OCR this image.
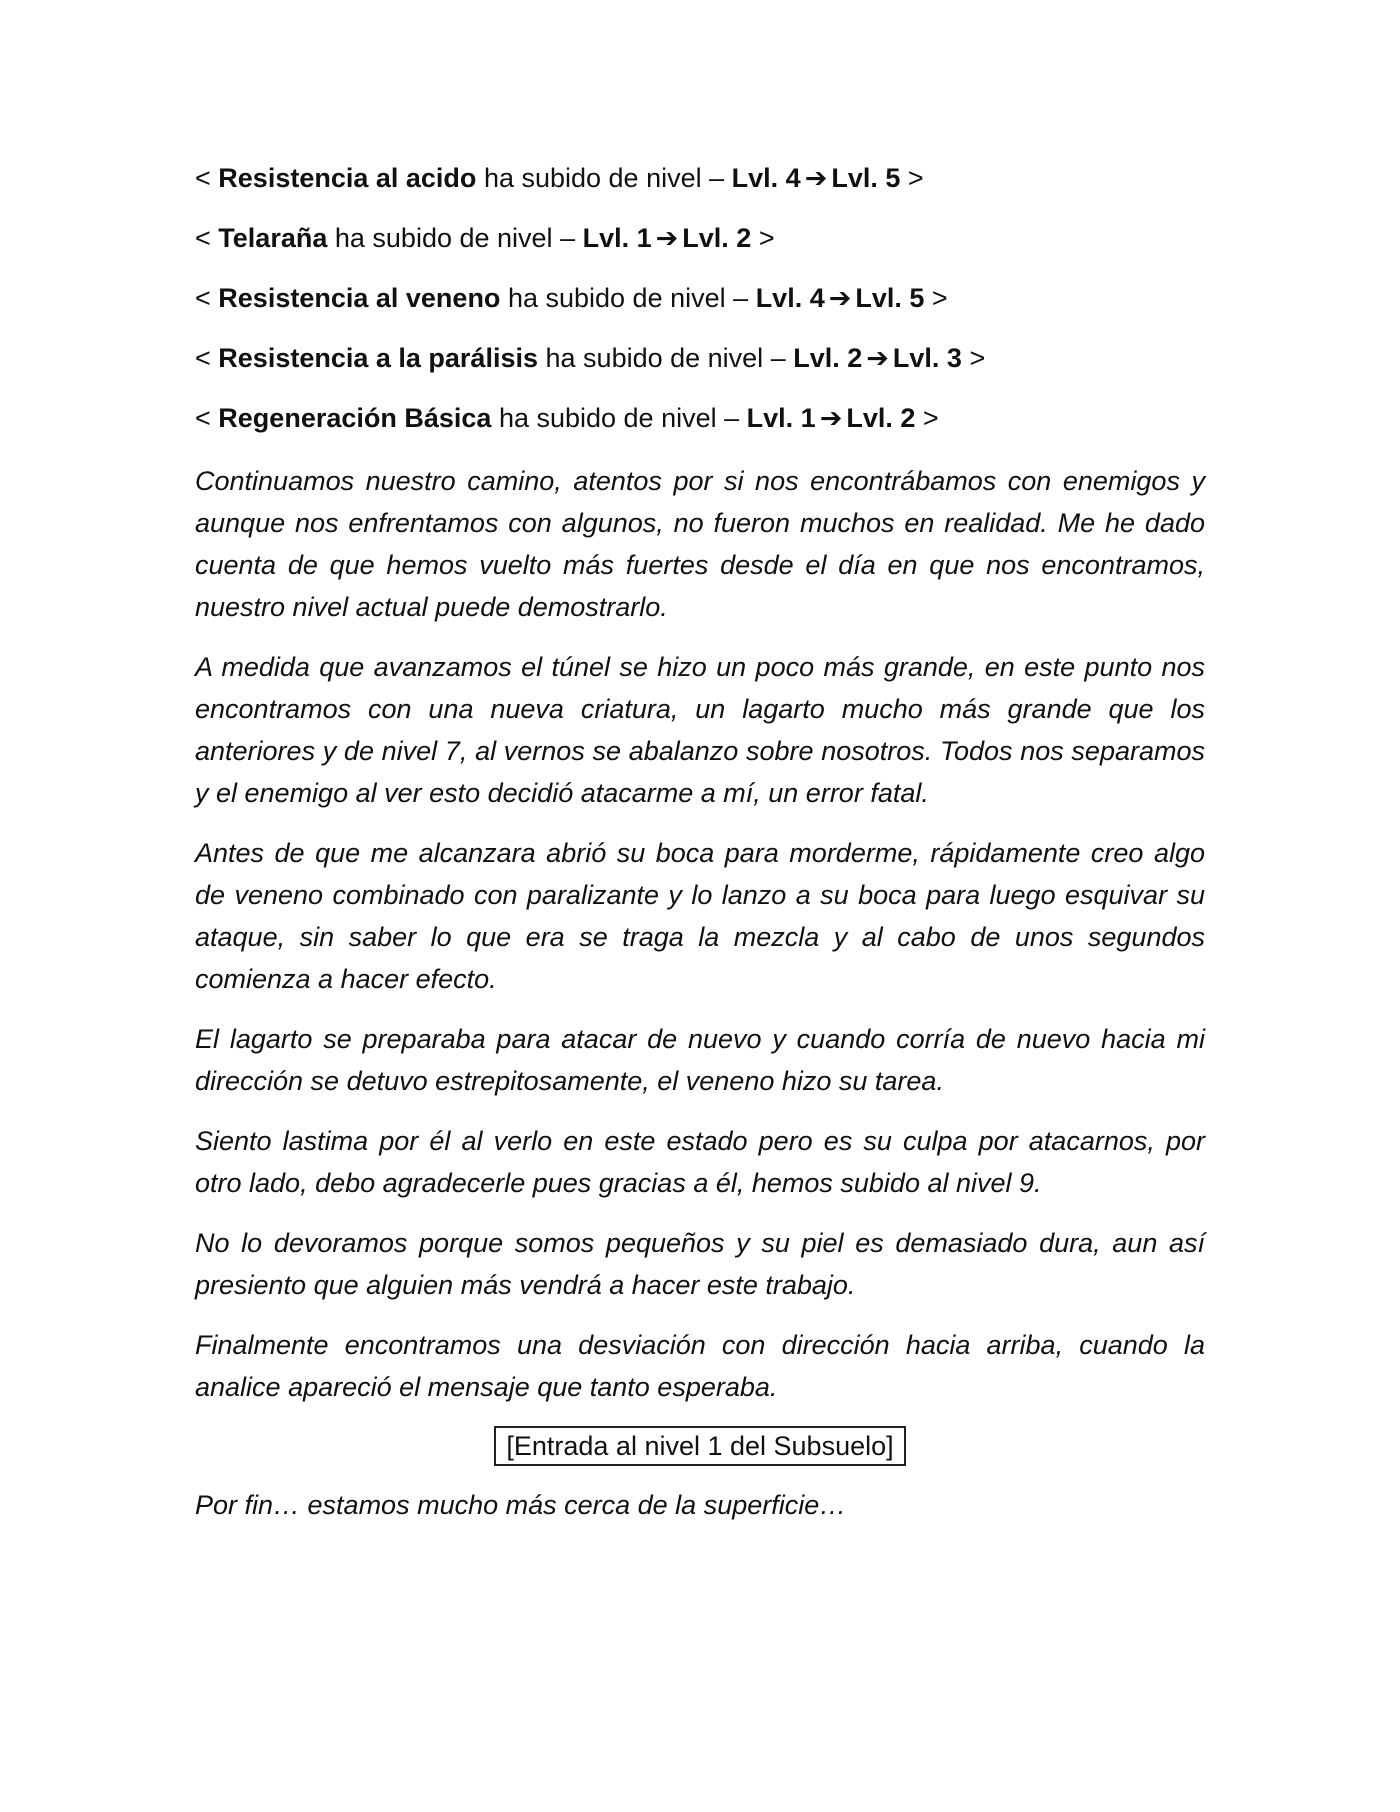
< Resistencia al acido ha subido de nivel – Lvl. 4 ➔ Lvl. 5 >
< Telaraña ha subido de nivel – Lvl. 1 ➔ Lvl. 2 >
< Resistencia al veneno ha subido de nivel – Lvl. 4 ➔ Lvl. 5 >
< Resistencia a la parálisis ha subido de nivel – Lvl. 2 ➔ Lvl. 3 >
< Regeneración Básica ha subido de nivel – Lvl. 1 ➔ Lvl. 2 >

Continuamos nuestro camino, atentos por si nos encontrábamos con enemigos y aunque nos enfrentamos con algunos, no fueron muchos en realidad. Me he dado cuenta de que hemos vuelto más fuertes desde el día en que nos encontramos, nuestro nivel actual puede demostrarlo.

A medida que avanzamos el túnel se hizo un poco más grande, en este punto nos encontramos con una nueva criatura, un lagarto mucho más grande que los anteriores y de nivel 7, al vernos se abalanzo sobre nosotros. Todos nos separamos y el enemigo al ver esto decidió atacarme a mí, un error fatal.

Antes de que me alcanzara abrió su boca para morderme, rápidamente creo algo de veneno combinado con paralizante y lo lanzo a su boca para luego esquivar su ataque, sin saber lo que era se traga la mezcla y al cabo de unos segundos comienza a hacer efecto.

El lagarto se preparaba para atacar de nuevo y cuando corría de nuevo hacia mi dirección se detuvo estrepitosamente, el veneno hizo su tarea.

Siento lastima por él al verlo en este estado pero es su culpa por atacarnos, por otro lado, debo agradecerle pues gracias a él, hemos subido al nivel 9.

No lo devoramos porque somos pequeños y su piel es demasiado dura, aun así presiento que alguien más vendrá a hacer este trabajo.

Finalmente encontramos una desviación con dirección hacia arriba, cuando la analice apareció el mensaje que tanto esperaba.

[Entrada al nivel 1 del Subsuelo]

Por fin… estamos mucho más cerca de la superficie…
